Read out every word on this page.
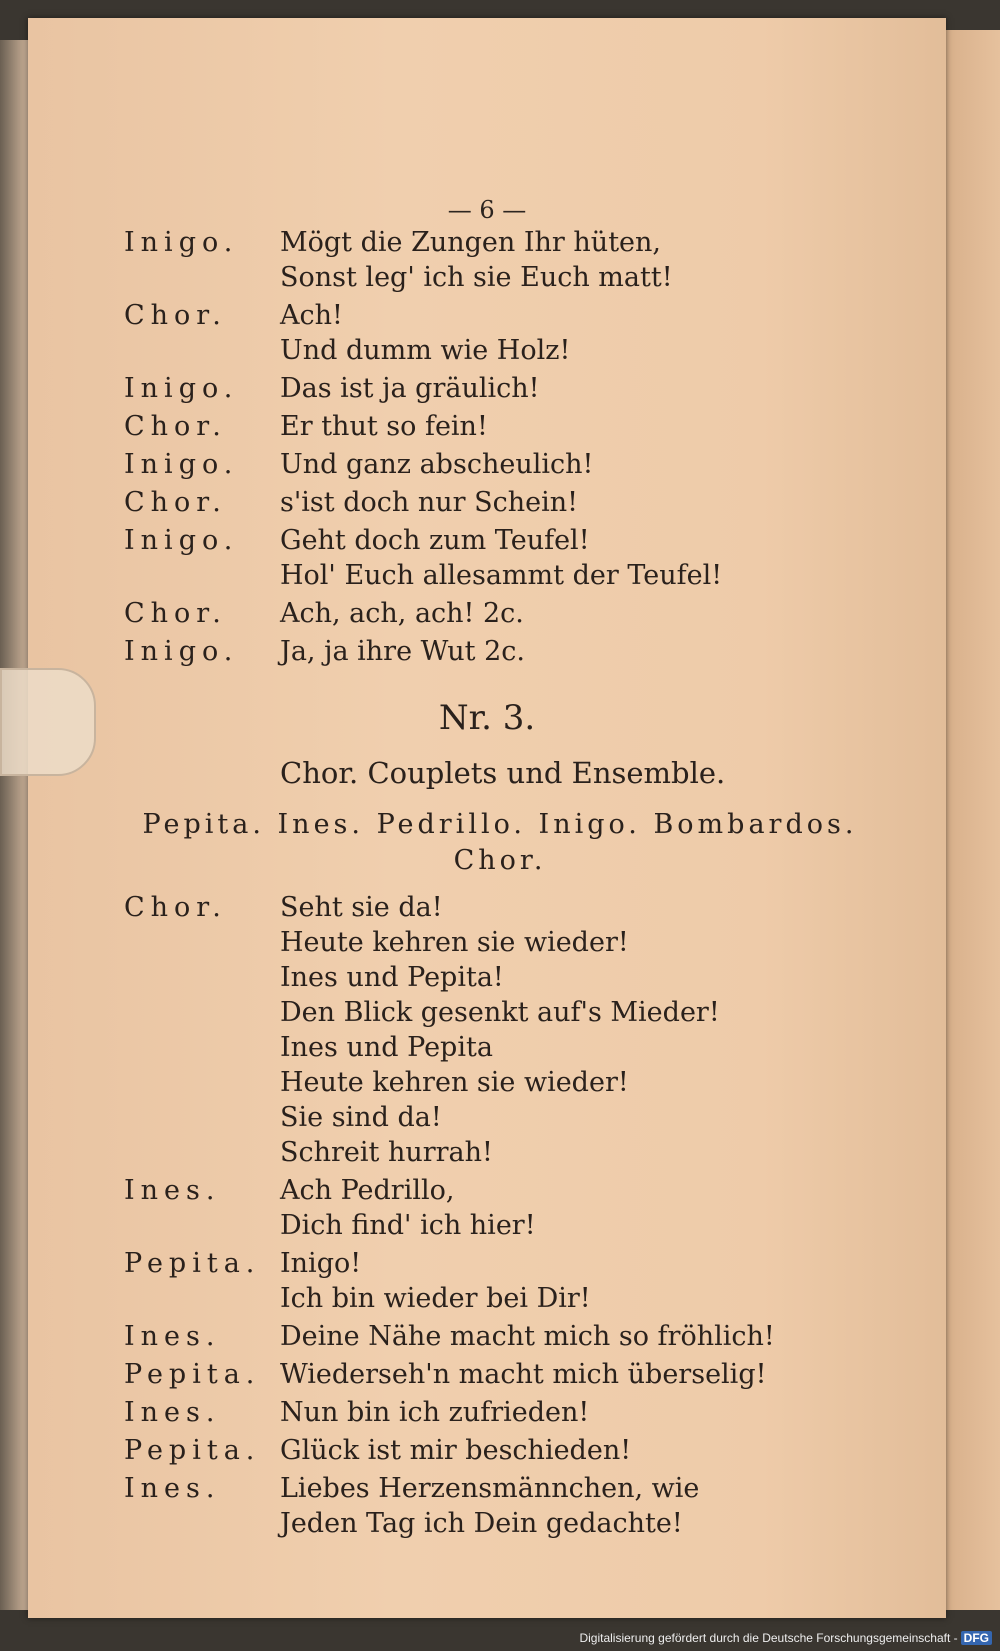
— 6 —
Inigo. Mögt die Zungen Ihr hüten,
Sonst leg' ich sie Euch matt!
Chor. Ach!
Und dumm wie Holz!
Inigo. Das ist ja gräulich!
Chor. Er thut so fein!
Inigo. Und ganz abscheulich!
Chor. s'ist doch nur Schein!
Inigo. Geht doch zum Teufel!
Hol' Euch allesammt der Teufel!
Chor. Ach, ach, ach! 2c.
Inigo. Ja, ja ihre Wut 2c.
Nr. 3.
Chor. Couplets und Ensemble.
Pepita. Ines. Pedrillo. Inigo. Bombardos.
Chor.
Chor. Seht sie da!
Heute kehren sie wieder!
Ines und Pepita!
Den Blick gesenkt auf's Mieder!
Ines und Pepita
Heute kehren sie wieder!
Sie sind da!
Schreit hurrah!
Ines. Ach Pedrillo,
Dich find' ich hier!
Pepita. Inigo!
Ich bin wieder bei Dir!
Ines. Deine Nähe macht mich so fröhlich!
Pepita. Wiederseh'n macht mich überselig!
Ines. Nun bin ich zufrieden!
Pepita. Glück ist mir beschieden!
Ines. Liebes Herzensmännchen, wie
Jeden Tag ich Dein gedachte!
Digitalisierung gefördert durch die Deutsche Forschungsgemeinschaft - DFG
